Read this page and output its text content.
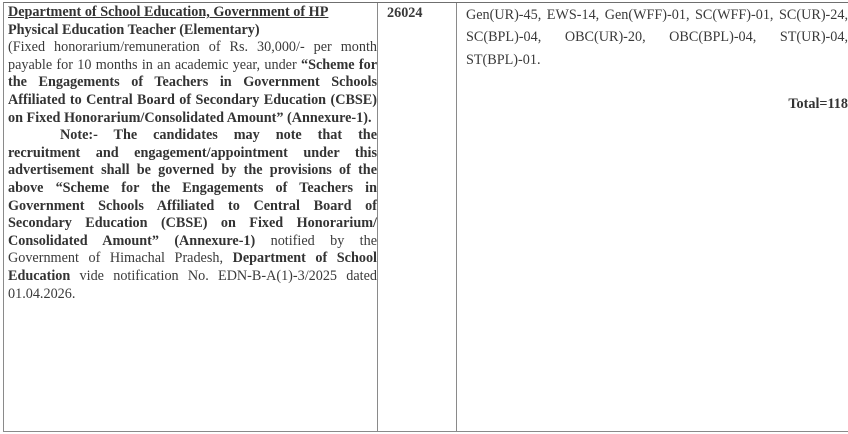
Department of School Education, Government of HP

Physical Education Teacher (Elementary)

(Fixed honorarium/remuneration of Rs. 30,000/- per month payable for 10 months in an academic year, under “Scheme for the Engagements of Teachers in Government Schools Affiliated to Central Board of Secondary Education (CBSE) on Fixed Honorarium/Consolidated Amount” (Annexure-1).

Note:- The candidates may note that the recruitment and engagement/appointment under this advertisement shall be governed by the provisions of the above “Scheme for the Engagements of Teachers in Government Schools Affiliated to Central Board of Secondary Education (CBSE) on Fixed Honorarium/ Consolidated Amount” (Annexure-1) notified by the Government of Himachal Pradesh, Department of School Education vide notification No. EDN-B-A(1)-3/2025 dated 01.04.2026.

26024	Gen(UR)-45, EWS-14, Gen(WFF)-01, SC(WFF)-01, SC(UR)-24, SC(BPL)-04, OBC(UR)-20, OBC(BPL)-04, ST(UR)-04, ST(BPL)-01.

Total=118
